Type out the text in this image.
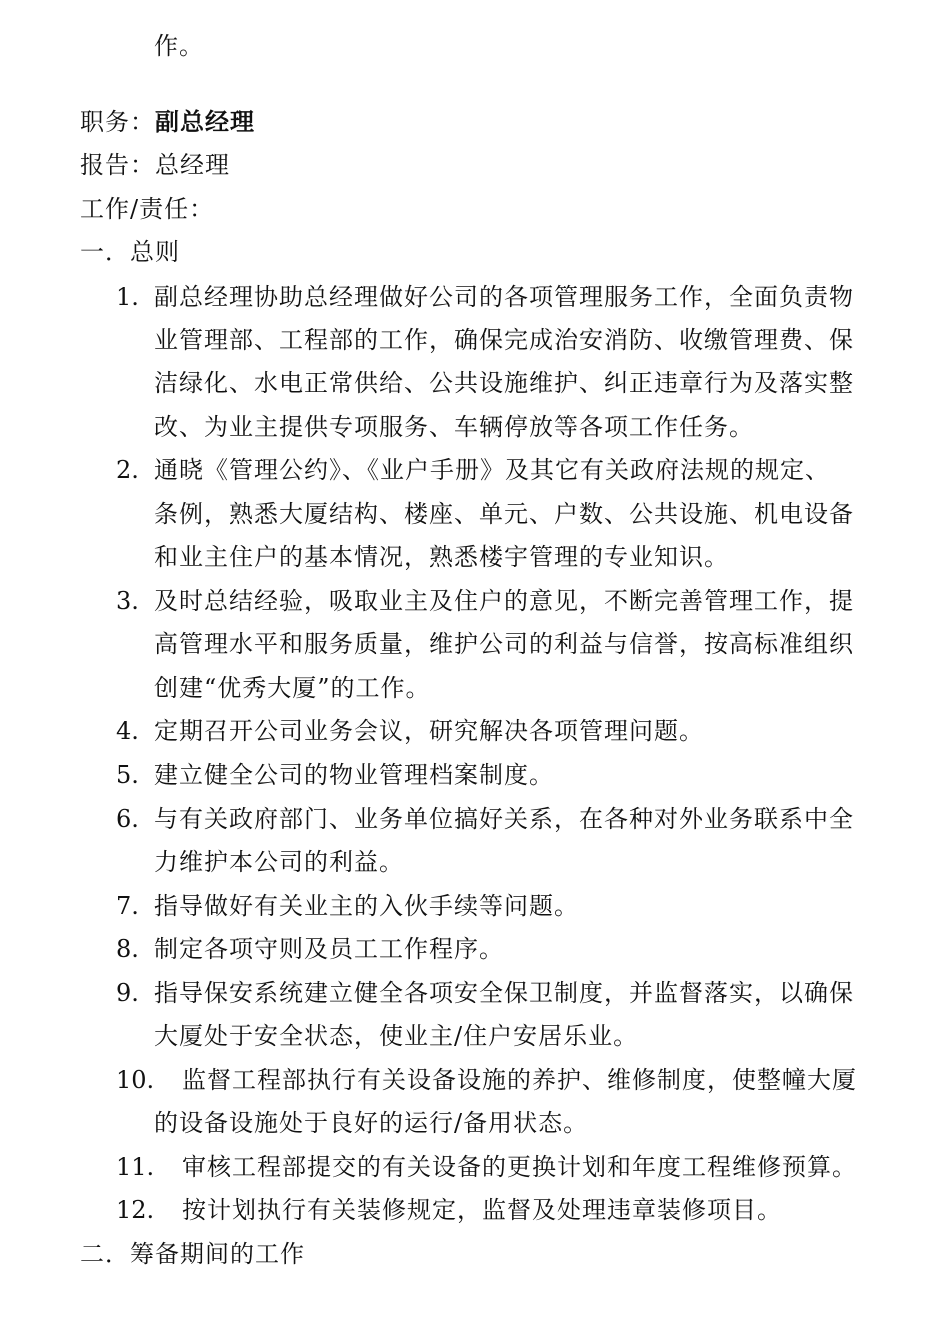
作。
职务：副总经理
报告：总经理
工作/责任：
一．总则
1. 副总经理协助总经理做好公司的各项管理服务工作，全面负责物
业管理部、工程部的工作，确保完成治安消防、收缴管理费、保
洁绿化、水电正常供给、公共设施维护、纠正违章行为及落实整
改、为业主提供专项服务、车辆停放等各项工作任务。
2. 通晓《管理公约》、《业户手册》及其它有关政府法规的规定、
条例，熟悉大厦结构、楼座、单元、户数、公共设施、机电设备
和业主住户的基本情况，熟悉楼宇管理的专业知识。
3. 及时总结经验，吸取业主及住户的意见，不断完善管理工作，提
高管理水平和服务质量，维护公司的利益与信誉，按高标准组织
创建“优秀大厦”的工作。
4. 定期召开公司业务会议，研究解决各项管理问题。
5. 建立健全公司的物业管理档案制度。
6. 与有关政府部门、业务单位搞好关系，在各种对外业务联系中全
力维护本公司的利益。
7. 指导做好有关业主的入伙手续等问题。
8. 制定各项守则及员工工作程序。
9. 指导保安系统建立健全各项安全保卫制度，并监督落实，以确保
大厦处于安全状态，使业主/住户安居乐业。
10. 监督工程部执行有关设备设施的养护、维修制度，使整幢大厦
的设备设施处于良好的运行/备用状态。
11. 审核工程部提交的有关设备的更换计划和年度工程维修预算。
12. 按计划执行有关装修规定，监督及处理违章装修项目。
二．筹备期间的工作
